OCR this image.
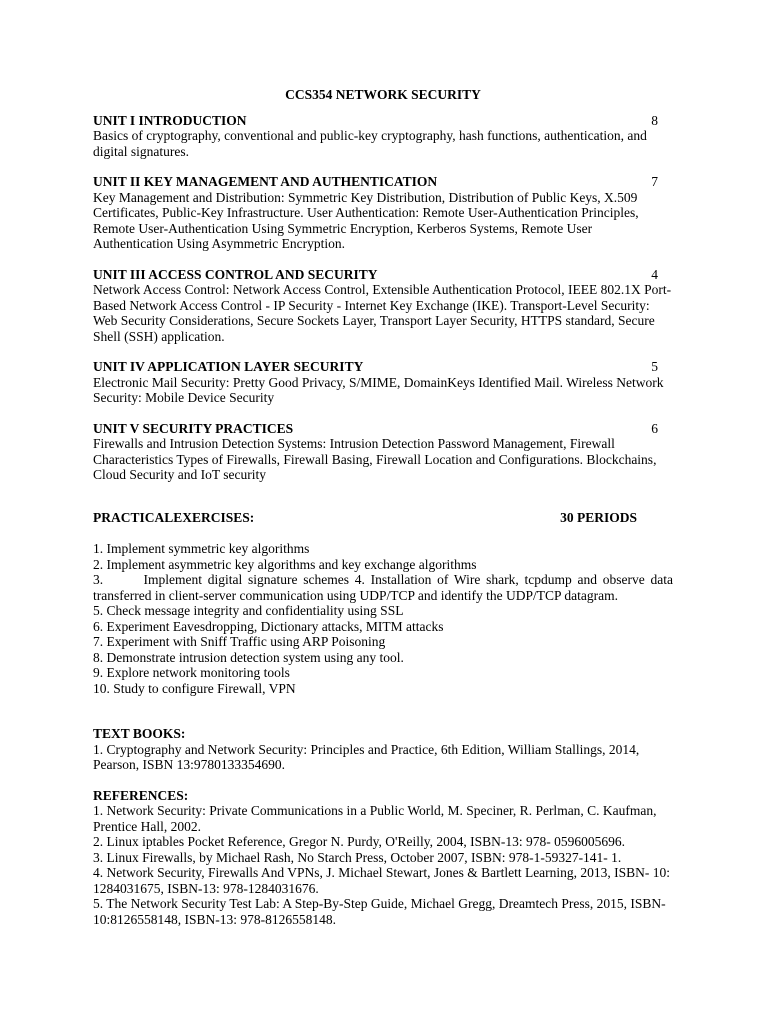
CCS354 NETWORK SECURITY
UNIT I INTRODUCTION	8
Basics of cryptography, conventional and public-key cryptography, hash functions, authentication, and digital signatures.
UNIT II KEY MANAGEMENT AND AUTHENTICATION	7
Key Management and Distribution: Symmetric Key Distribution, Distribution of Public Keys, X.509 Certificates, Public-Key Infrastructure. User Authentication: Remote User-Authentication Principles, Remote User-Authentication Using Symmetric Encryption, Kerberos Systems, Remote User Authentication Using Asymmetric Encryption.
UNIT III ACCESS CONTROL AND SECURITY	4
Network Access Control: Network Access Control, Extensible Authentication Protocol, IEEE 802.1X Port-Based Network Access Control - IP Security - Internet Key Exchange (IKE). Transport-Level Security: Web Security Considerations, Secure Sockets Layer, Transport Layer Security, HTTPS standard, Secure Shell (SSH) application.
UNIT IV APPLICATION LAYER SECURITY	5
Electronic Mail Security: Pretty Good Privacy, S/MIME, DomainKeys Identified Mail. Wireless Network Security: Mobile Device Security
UNIT V SECURITY PRACTICES	6
Firewalls and Intrusion Detection Systems: Intrusion Detection Password Management, Firewall Characteristics Types of Firewalls, Firewall Basing, Firewall Location and Configurations. Blockchains, Cloud Security and IoT security
PRACTICALEXERCISES:	30 PERIODS
1. Implement symmetric key algorithms
2. Implement asymmetric key algorithms and key exchange algorithms
3.       Implement digital signature schemes 4. Installation of Wire shark, tcpdump and observe data transferred in client-server communication using UDP/TCP and identify the UDP/TCP datagram.
5. Check message integrity and confidentiality using SSL
6. Experiment Eavesdropping, Dictionary attacks, MITM attacks
7. Experiment with Sniff Traffic using ARP Poisoning
8. Demonstrate intrusion detection system using any tool.
9. Explore network monitoring tools
10. Study to configure Firewall, VPN
TEXT BOOKS:
1. Cryptography and Network Security: Principles and Practice, 6th Edition, William Stallings, 2014, Pearson, ISBN 13:9780133354690.
REFERENCES:
1. Network Security: Private Communications in a Public World, M. Speciner, R. Perlman, C. Kaufman, Prentice Hall, 2002.
2. Linux iptables Pocket Reference, Gregor N. Purdy, O'Reilly, 2004, ISBN-13: 978- 0596005696.
3. Linux Firewalls, by Michael Rash, No Starch Press, October 2007, ISBN: 978-1-59327-141- 1.
4. Network Security, Firewalls And VPNs, J. Michael Stewart, Jones & Bartlett Learning, 2013, ISBN- 10: 1284031675, ISBN-13: 978-1284031676.
5. The Network Security Test Lab: A Step-By-Step Guide, Michael Gregg, Dreamtech Press, 2015, ISBN-10:8126558148, ISBN-13: 978-8126558148.
